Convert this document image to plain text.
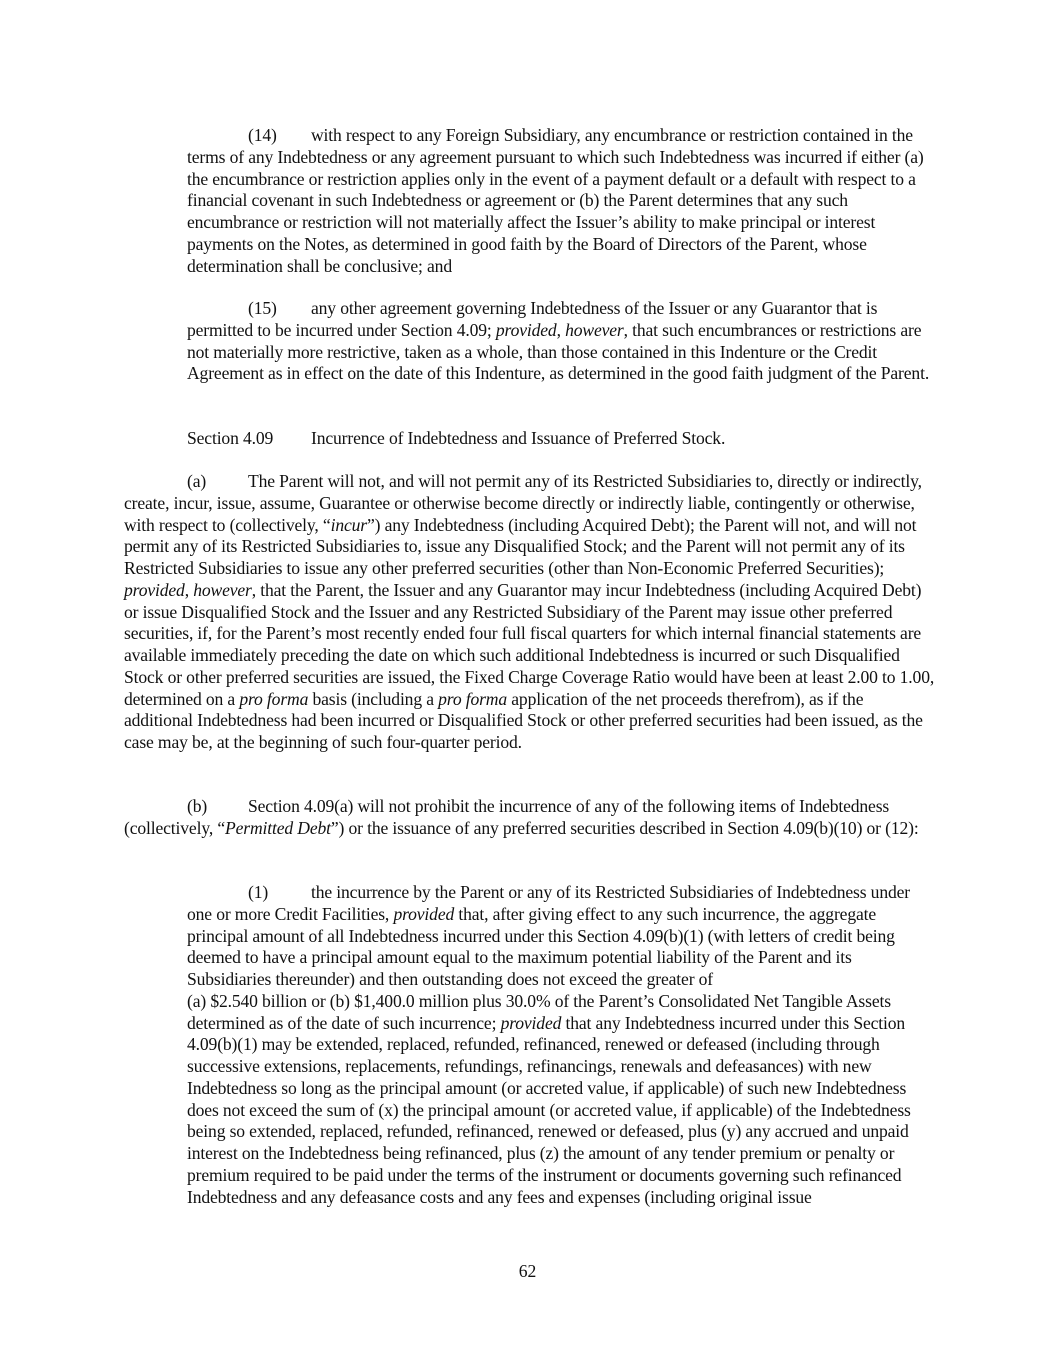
(14) with respect to any Foreign Subsidiary, any encumbrance or restriction contained in the terms of any Indebtedness or any agreement pursuant to which such Indebtedness was incurred if either (a) the encumbrance or restriction applies only in the event of a payment default or a default with respect to a financial covenant in such Indebtedness or agreement or (b) the Parent determines that any such encumbrance or restriction will not materially affect the Issuer’s ability to make principal or interest payments on the Notes, as determined in good faith by the Board of Directors of the Parent, whose determination shall be conclusive; and

(15) any other agreement governing Indebtedness of the Issuer or any Guarantor that is permitted to be incurred under Section 4.09; provided, however, that such encumbrances or restrictions are not materially more restrictive, taken as a whole, than those contained in this Indenture or the Credit Agreement as in effect on the date of this Indenture, as determined in the good faith judgment of the Parent.

Section 4.09 Incurrence of Indebtedness and Issuance of Preferred Stock.

(a) The Parent will not, and will not permit any of its Restricted Subsidiaries to, directly or indirectly, create, incur, issue, assume, Guarantee or otherwise become directly or indirectly liable, contingently or otherwise, with respect to (collectively, “incur”) any Indebtedness (including Acquired Debt); the Parent will not, and will not permit any of its Restricted Subsidiaries to, issue any Disqualified Stock; and the Parent will not permit any of its Restricted Subsidiaries to issue any other preferred securities (other than Non-Economic Preferred Securities); provided, however, that the Parent, the Issuer and any Guarantor may incur Indebtedness (including Acquired Debt) or issue Disqualified Stock and the Issuer and any Restricted Subsidiary of the Parent may issue other preferred securities, if, for the Parent’s most recently ended four full fiscal quarters for which internal financial statements are available immediately preceding the date on which such additional Indebtedness is incurred or such Disqualified Stock or other preferred securities are issued, the Fixed Charge Coverage Ratio would have been at least 2.00 to 1.00, determined on a pro forma basis (including a pro forma application of the net proceeds therefrom), as if the additional Indebtedness had been incurred or Disqualified Stock or other preferred securities had been issued, as the case may be, at the beginning of such four-quarter period.

(b) Section 4.09(a) will not prohibit the incurrence of any of the following items of Indebtedness (collectively, “Permitted Debt”) or the issuance of any preferred securities described in Section 4.09(b)(10) or (12):

(1) the incurrence by the Parent or any of its Restricted Subsidiaries of Indebtedness under one or more Credit Facilities, provided that, after giving effect to any such incurrence, the aggregate principal amount of all Indebtedness incurred under this Section 4.09(b)(1) (with letters of credit being deemed to have a principal amount equal to the maximum potential liability of the Parent and its Subsidiaries thereunder) and then outstanding does not exceed the greater of
(a) $2.540 billion or (b) $1,400.0 million plus 30.0% of the Parent’s Consolidated Net Tangible Assets determined as of the date of such incurrence; provided that any Indebtedness incurred under this Section 4.09(b)(1) may be extended, replaced, refunded, refinanced, renewed or defeased (including through successive extensions, replacements, refundings, refinancings, renewals and defeasances) with new Indebtedness so long as the principal amount (or accreted value, if applicable) of such new Indebtedness does not exceed the sum of (x) the principal amount (or accreted value, if applicable) of the Indebtedness being so extended, replaced, refunded, refinanced, renewed or defeased, plus (y) any accrued and unpaid interest on the Indebtedness being refinanced, plus (z) the amount of any tender premium or penalty or premium required to be paid under the terms of the instrument or documents governing such refinanced Indebtedness and any defeasance costs and any fees and expenses (including original issue

62
